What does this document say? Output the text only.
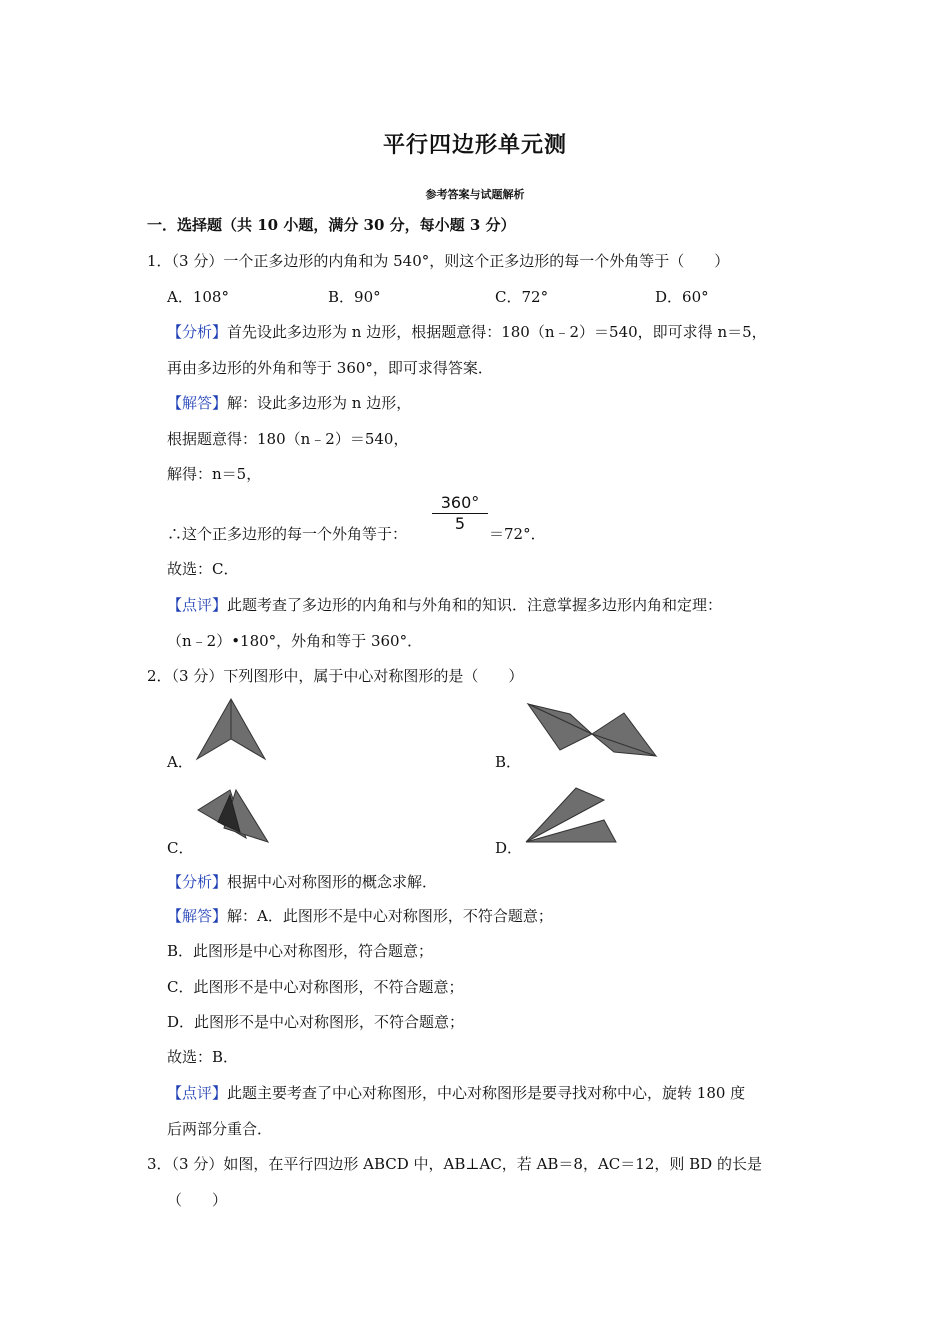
平行四边形单元测
参考答案与试题解析
一．选择题（共 10 小题，满分 30 分，每小题 3 分）
1．（3 分）一个正多边形的内角和为 540°，则这个正多边形的每一个外角等于（　　）
A．108°	B．90°	C．72°	D．60°
【分析】首先设此多边形为 n 边形，根据题意得：180（n﹣2）＝540，即可求得 n＝5，
再由多边形的外角和等于 360°，即可求得答案．
【解答】解：设此多边形为 n 边形，
根据题意得：180（n﹣2）＝540，
解得：n＝5，
∴这个正多边形的每一个外角等于：
360°
5
＝72°．
故选：C．
【点评】此题考查了多边形的内角和与外角和的知识．注意掌握多边形内角和定理：
（n﹣2）•180°，外角和等于 360°．
2．（3 分）下列图形中，属于中心对称图形的是（　　）
A．	B．
C．	D．
【分析】根据中心对称图形的概念求解．
【解答】解：A．此图形不是中心对称图形，不符合题意；
B．此图形是中心对称图形，符合题意；
C．此图形不是中心对称图形，不符合题意；
D．此图形不是中心对称图形，不符合题意；
故选：B．
【点评】此题主要考查了中心对称图形，中心对称图形是要寻找对称中心，旋转 180 度
后两部分重合．
3．（3 分）如图，在平行四边形 ABCD 中，AB⊥AC，若 AB＝8，AC＝12，则 BD 的长是
（　　）
